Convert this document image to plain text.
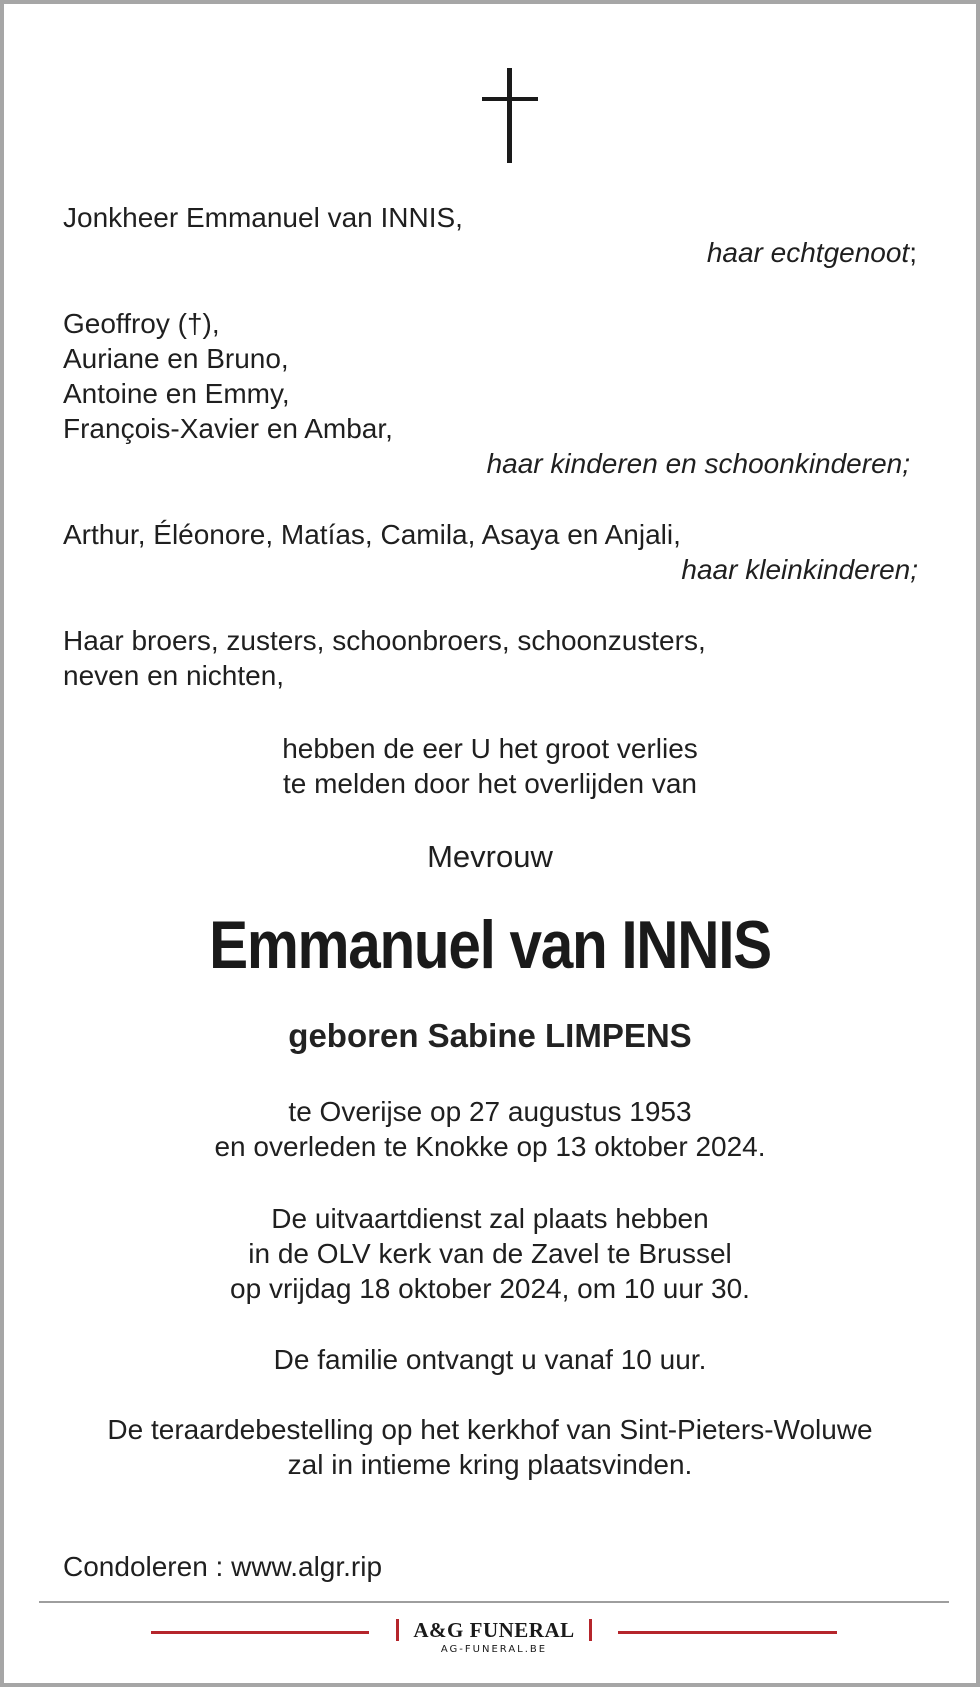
Jonkheer Emmanuel van INNIS,
haar echtgenoot;
Geoffroy (†),
Auriane en Bruno,
Antoine en Emmy,
François-Xavier en Ambar,
haar kinderen en schoonkinderen;
Arthur, Éléonore, Matías, Camila, Asaya en Anjali,
haar kleinkinderen;
Haar broers, zusters, schoonbroers, schoonzusters,
neven en nichten,
hebben de eer U het groot verlies
te melden door het overlijden van
Mevrouw
Emmanuel van INNIS
geboren Sabine LIMPENS
te Overijse op 27 augustus 1953
en overleden te Knokke op 13 oktober 2024.
De uitvaartdienst zal plaats hebben
in de OLV kerk van de Zavel te Brussel
op vrijdag 18 oktober 2024, om 10 uur 30.
De familie ontvangt u vanaf 10 uur.
De teraardebestelling op het kerkhof van Sint-Pieters-Woluwe
zal in intieme kring plaatsvinden.
Condoleren : www.algr.rip
A&G FUNERAL
AG-FUNERAL.BE
